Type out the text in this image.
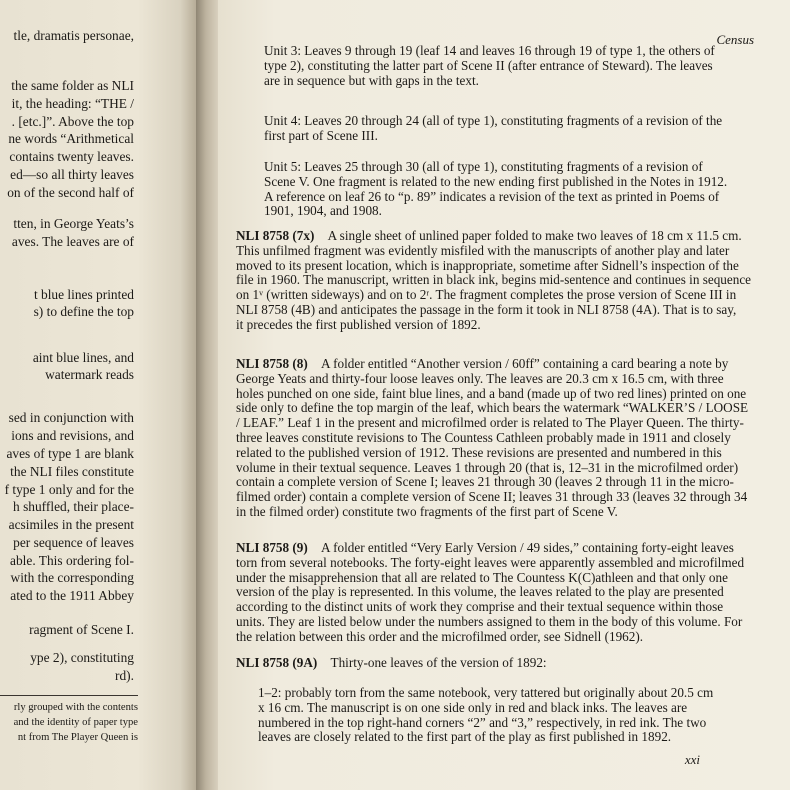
tle, dramatis personae,
the same folder as NLI
it, the heading: “THE /
. [etc.]”. Above the top
ne words “Arithmetical
contains twenty leaves.
ed—so all thirty leaves
on of the second half of
tten, in George Yeats’s
aves. The leaves are of
t blue lines printed
s) to define the top
aint blue lines, and
watermark reads
sed in conjunction with
ions and revisions, and
aves of type 1 are blank
the NLI files constitute
f type 1 only and for the
h shuffled, their place-
acsimiles in the present
per sequence of leaves
able. This ordering fol-
with the corresponding
ated to the 1911 Abbey
ragment of Scene I.
ype 2), constituting
rd).
rly grouped with the contents
and the identity of paper type
nt from The Player Queen is
Census
xxi
Unit 3: Leaves 9 through 19 (leaf 14 and leaves 16 through 19 of type 1, the others of
type 2), constituting the latter part of Scene II (after entrance of Steward). The leaves
are in sequence but with gaps in the text.
Unit 4: Leaves 20 through 24 (all of type 1), constituting fragments of a revision of the
first part of Scene III.
Unit 5: Leaves 25 through 30 (all of type 1), constituting fragments of a revision of
Scene V. One fragment is related to the new ending first published in the Notes in 1912.
A reference on leaf 26 to “p. 89” indicates a revision of the text as printed in Poems of
1901, 1904, and 1908.
NLI 8758 (7x) A single sheet of unlined paper folded to make two leaves of 18 cm x 11.5 cm.
This unfilmed fragment was evidently misfiled with the manuscripts of another play and later
moved to its present location, which is inappropriate, sometime after Sidnell’s inspection of the
file in 1960. The manuscript, written in black ink, begins mid-sentence and continues in sequence
on 1ᵛ (written sideways) and on to 2ʳ. The fragment completes the prose version of Scene III in
NLI 8758 (4B) and anticipates the passage in the form it took in NLI 8758 (4A). That is to say,
it precedes the first published version of 1892.
NLI 8758 (8) A folder entitled “Another version / 60ff” containing a card bearing a note by
George Yeats and thirty-four loose leaves only. The leaves are 20.3 cm x 16.5 cm, with three
holes punched on one side, faint blue lines, and a band (made up of two red lines) printed on one
side only to define the top margin of the leaf, which bears the watermark “WALKER’S / LOOSE
/ LEAF.” Leaf 1 in the present and microfilmed order is related to The Player Queen. The thirty-
three leaves constitute revisions to The Countess Cathleen probably made in 1911 and closely
related to the published version of 1912. These revisions are presented and numbered in this
volume in their textual sequence. Leaves 1 through 20 (that is, 12–31 in the microfilmed order)
contain a complete version of Scene I; leaves 21 through 30 (leaves 2 through 11 in the micro-
filmed order) contain a complete version of Scene II; leaves 31 through 33 (leaves 32 through 34
in the filmed order) constitute two fragments of the first part of Scene V.
NLI 8758 (9) A folder entitled “Very Early Version / 49 sides,” containing forty-eight leaves
torn from several notebooks. The forty-eight leaves were apparently assembled and microfilmed
under the misapprehension that all are related to The Countess K(C)athleen and that only one
version of the play is represented. In this volume, the leaves related to the play are presented
according to the distinct units of work they comprise and their textual sequence within those
units. They are listed below under the numbers assigned to them in the body of this volume. For
the relation between this order and the microfilmed order, see Sidnell (1962).
NLI 8758 (9A) Thirty-one leaves of the version of 1892:
1–2: probably torn from the same notebook, very tattered but originally about 20.5 cm
x 16 cm. The manuscript is on one side only in red and black inks. The leaves are
numbered in the top right-hand corners “2” and “3,” respectively, in red ink. The two
leaves are closely related to the first part of the play as first published in 1892.
